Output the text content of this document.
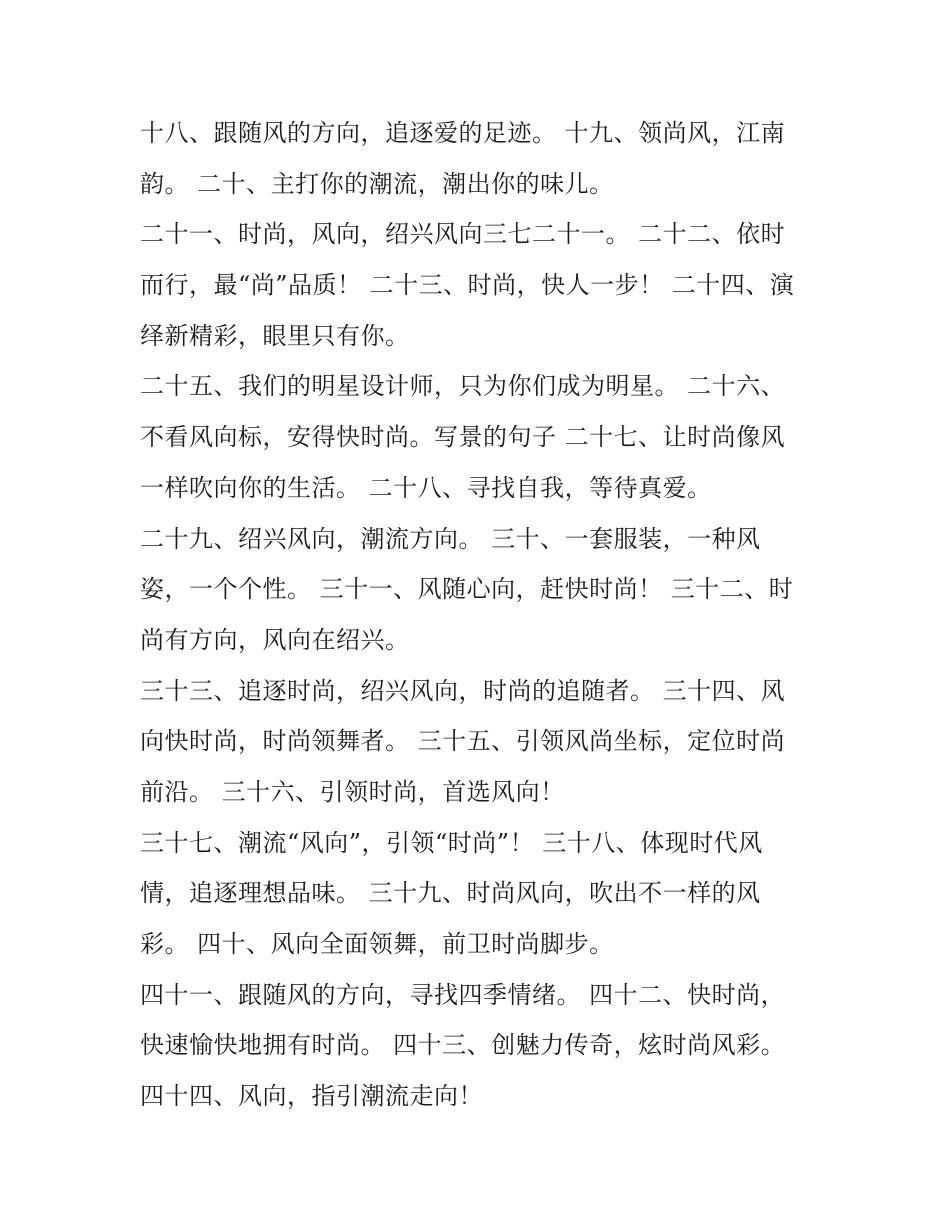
十八、跟随风的方向，追逐爱的足迹。 十九、领尚风，江南
韵。 二十、主打你的潮流，潮出你的味儿。
二十一、时尚，风向，绍兴风向三七二十一。 二十二、依时
而行，最“尚”品质！ 二十三、时尚，快人一步！ 二十四、演
绎新精彩，眼里只有你。
二十五、我们的明星设计师，只为你们成为明星。 二十六、
不看风向标，安得快时尚。写景的句子 二十七、让时尚像风
一样吹向你的生活。 二十八、寻找自我，等待真爱。
二十九、绍兴风向，潮流方向。 三十、一套服装，一种风
姿，一个个性。 三十一、风随心向，赶快时尚！ 三十二、时
尚有方向，风向在绍兴。
三十三、追逐时尚，绍兴风向，时尚的追随者。 三十四、风
向快时尚，时尚领舞者。 三十五、引领风尚坐标，定位时尚
前沿。 三十六、引领时尚，首选风向！
三十七、潮流“风向”，引领“时尚”！ 三十八、体现时代风
情，追逐理想品味。 三十九、时尚风向，吹出不一样的风
彩。 四十、风向全面领舞，前卫时尚脚步。
四十一、跟随风的方向，寻找四季情绪。 四十二、快时尚，
快速愉快地拥有时尚。 四十三、创魅力传奇，炫时尚风彩。
四十四、风向，指引潮流走向！
